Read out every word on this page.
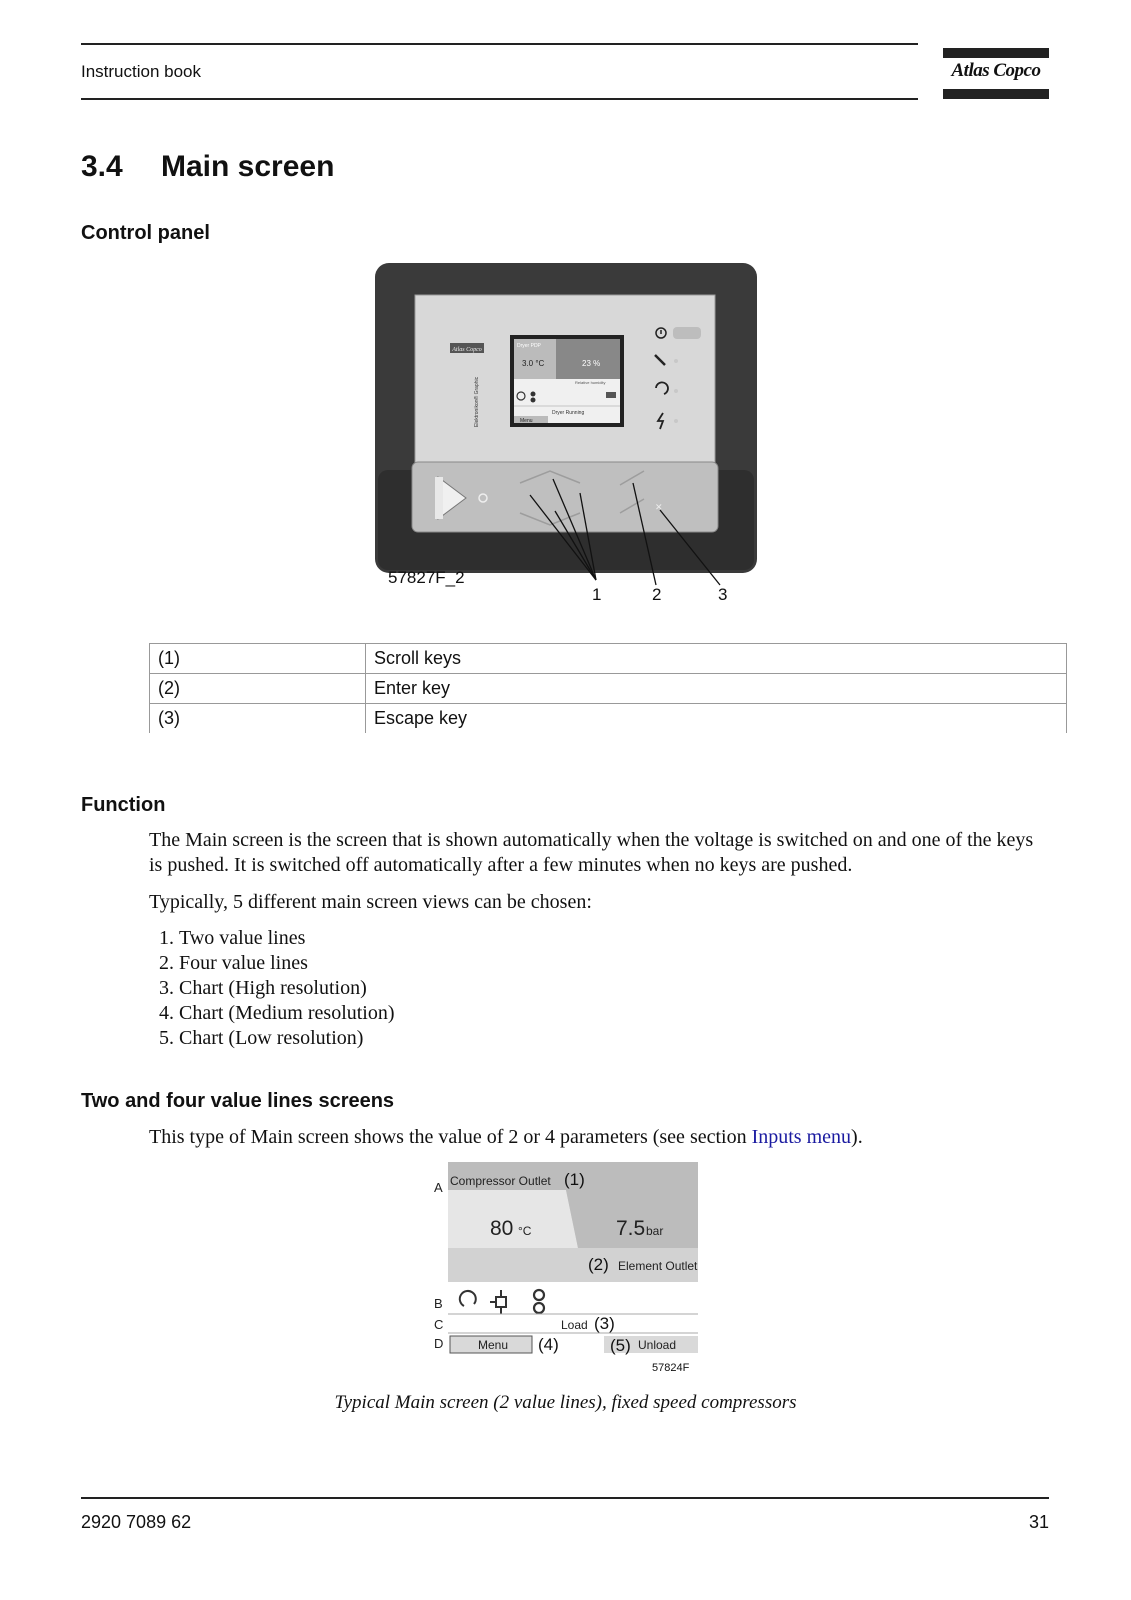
Instruction book	Atlas Copco
3.4 Main screen
Control panel
Atlas Copco
Elektronikon® Graphic
Dryer PDP
3.0 °C	23 %
Relative humidity
Dryer Running
Menu
✕
57827F_2
1	2	3
(1)	Scroll keys
(2)	Enter key
(3)	Escape key
Function
The Main screen is the screen that is shown automatically when the voltage is switched on and one of the keys is pushed. It is switched off automatically after a few minutes when no keys are pushed.
Typically, 5 different main screen views can be chosen:
1. Two value lines
2. Four value lines
3. Chart (High resolution)
4. Chart (Medium resolution)
5. Chart (Low resolution)
Two and four value lines screens
This type of Main screen shows the value of 2 or 4 parameters (see section Inputs menu).
A Compressor Outlet (1)
80 °C	7.5 bar
(2) Element Outlet
B
C	Load (3)
D	Menu (4)	(5) Unload
57824F
Typical Main screen (2 value lines), fixed speed compressors
2920 7089 62	31
